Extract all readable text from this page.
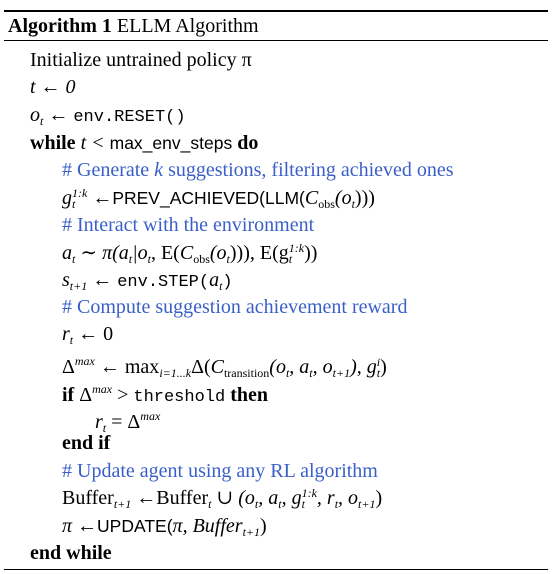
Algorithm 1 ELLM Algorithm
Initialize untrained policy π
t ← 0
$o_t$ ← env.RESET()
while t < max_env_steps do
# Generate k suggestions, filtering achieved ones
g 1:k
t $\leftarrow PREV\_ACHIEVED(LLM(C_{obs}(o_t)))$
# Interact with the environment
$a_t$ ∼ $\pi(a_t|o_t$, $E(C_{obs}(o_t))$), E(g 1:k
t ))
$s_{t+1}$ ← $env.STEP(a_t)$
# Compute suggestion achievement reward
$r_t$ ← 0
$\Delta^{max}$ ← $\max_{i=1...k}\Delta(C_{transition}(o_t$, $a_t$, $o_{t+1}$), g i
t )
if $\Delta^{max}$ > threshold then
$r_t = \Delta^{max}$
end if
# Update agent using any RL algorithm
Buffer$_{t+1}$ ←Buffer$_t$ ∪ ($o_t$, $a_t$, g 1:k
t , $r_t$, $o_{t+1}$)
π ←UPDATE(π, Buffer$_{t+1}$)
end while
